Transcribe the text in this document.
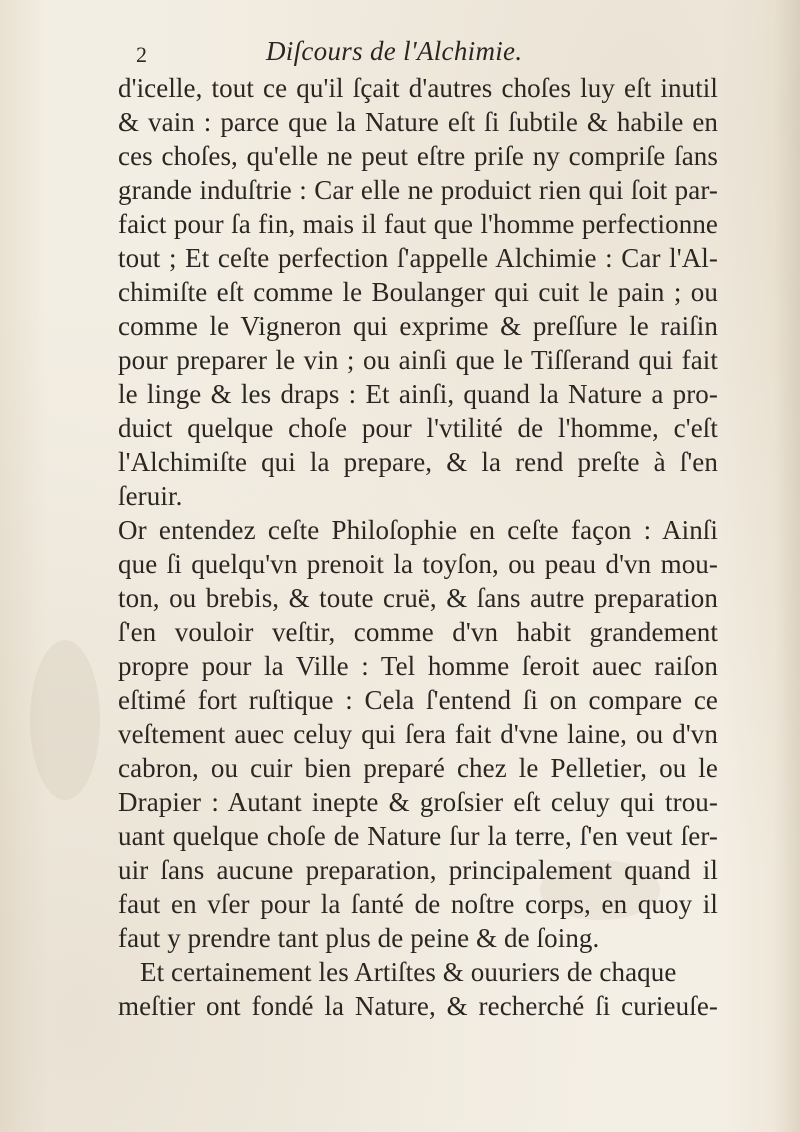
2	Diſcours de l'Alchimie.
d'icelle, tout ce qu'il ſçait d'autres choſes luy eſt inutil
& vain : parce que la Nature eſt ſi ſubtile & habile en
ces choſes, qu'elle ne peut eſtre priſe ny compriſe ſans
grande induſtrie : Car elle ne produict rien qui ſoit par-
faict pour ſa fin, mais il faut que l'homme perfectionne
tout ; Et ceſte perfection ſ'appelle Alchimie : Car l'Al-
chimiſte eſt comme le Boulanger qui cuit le pain ; ou
comme le Vigneron qui exprime & preſſure le raiſin
pour preparer le vin ; ou ainſi que le Tiſſerand qui fait
le linge & les draps : Et ainſi, quand la Nature a pro-
duict quelque choſe pour l'vtilité de l'homme, c'eſt
l'Alchimiſte qui la prepare, & la rend preſte à ſ'en
ſeruir.
Or entendez ceſte Philoſophie en ceſte façon : Ainſi
que ſi quelqu'vn prenoit la toyſon, ou peau d'vn mou-
ton, ou brebis, & toute cruë, & ſans autre preparation
ſ'en vouloir veſtir, comme d'vn habit grandement
propre pour la Ville : Tel homme ſeroit auec raiſon
eſtimé fort ruſtique : Cela ſ'entend ſi on compare ce
veſtement auec celuy qui ſera fait d'vne laine, ou d'vn
cabron, ou cuir bien preparé chez le Pelletier, ou le
Drapier : Autant inepte & groſsier eſt celuy qui trou-
uant quelque choſe de Nature ſur la terre, ſ'en veut ſer-
uir ſans aucune preparation, principalement quand il
faut en vſer pour la ſanté de noſtre corps, en quoy il
faut y prendre tant plus de peine & de ſoing.
Et certainement les Artiſtes & ouuriers de chaque
meſtier ont fondé la Nature, & recherché ſi curieuſe-
